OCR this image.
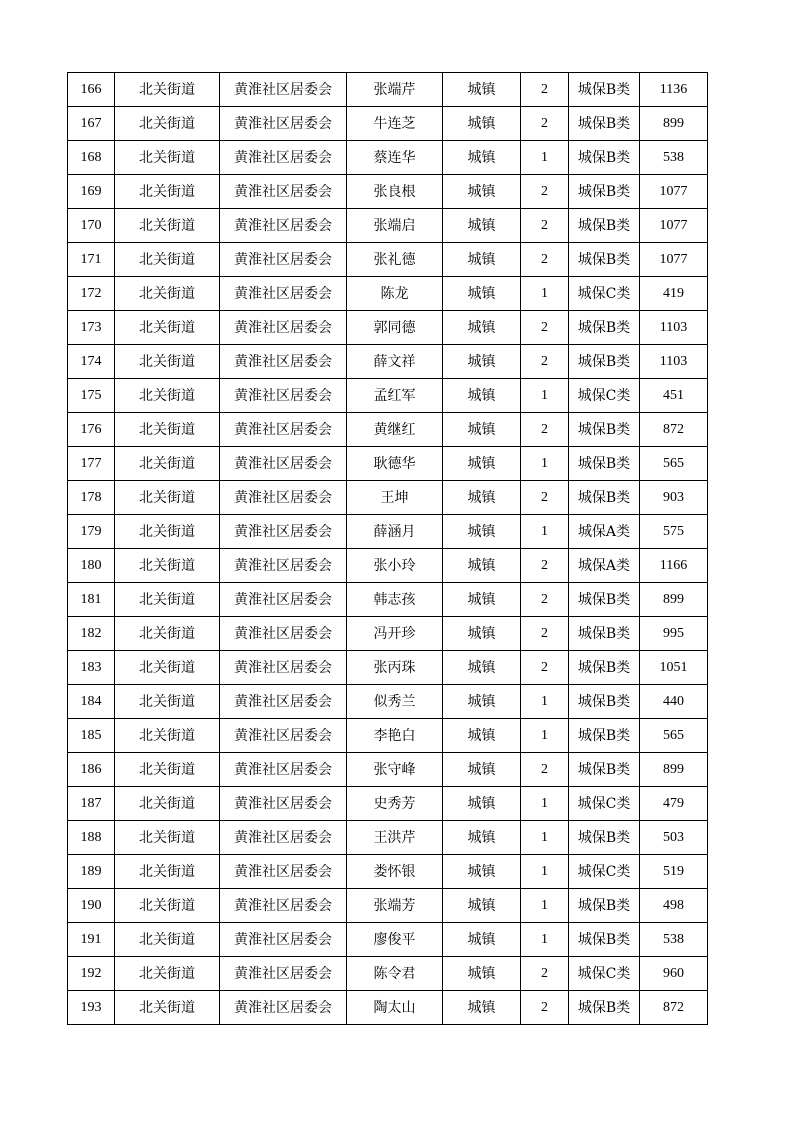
166	北关街道	黄淮社区居委会	张端芹	城镇	2	城保B类	1136
167	北关街道	黄淮社区居委会	牛连芝	城镇	2	城保B类	899
168	北关街道	黄淮社区居委会	蔡连华	城镇	1	城保B类	538
169	北关街道	黄淮社区居委会	张良根	城镇	2	城保B类	1077
170	北关街道	黄淮社区居委会	张端启	城镇	2	城保B类	1077
171	北关街道	黄淮社区居委会	张礼德	城镇	2	城保B类	1077
172	北关街道	黄淮社区居委会	陈龙	城镇	1	城保C类	419
173	北关街道	黄淮社区居委会	郭同德	城镇	2	城保B类	1103
174	北关街道	黄淮社区居委会	薛文祥	城镇	2	城保B类	1103
175	北关街道	黄淮社区居委会	孟红军	城镇	1	城保C类	451
176	北关街道	黄淮社区居委会	黄继红	城镇	2	城保B类	872
177	北关街道	黄淮社区居委会	耿德华	城镇	1	城保B类	565
178	北关街道	黄淮社区居委会	王坤	城镇	2	城保B类	903
179	北关街道	黄淮社区居委会	薛涵月	城镇	1	城保A类	575
180	北关街道	黄淮社区居委会	张小玲	城镇	2	城保A类	1166
181	北关街道	黄淮社区居委会	韩志孩	城镇	2	城保B类	899
182	北关街道	黄淮社区居委会	冯开珍	城镇	2	城保B类	995
183	北关街道	黄淮社区居委会	张丙珠	城镇	2	城保B类	1051
184	北关街道	黄淮社区居委会	似秀兰	城镇	1	城保B类	440
185	北关街道	黄淮社区居委会	李艳白	城镇	1	城保B类	565
186	北关街道	黄淮社区居委会	张守峰	城镇	2	城保B类	899
187	北关街道	黄淮社区居委会	史秀芳	城镇	1	城保C类	479
188	北关街道	黄淮社区居委会	王洪芹	城镇	1	城保B类	503
189	北关街道	黄淮社区居委会	娄怀银	城镇	1	城保C类	519
190	北关街道	黄淮社区居委会	张端芳	城镇	1	城保B类	498
191	北关街道	黄淮社区居委会	廖俊平	城镇	1	城保B类	538
192	北关街道	黄淮社区居委会	陈令君	城镇	2	城保C类	960
193	北关街道	黄淮社区居委会	陶太山	城镇	2	城保B类	872
